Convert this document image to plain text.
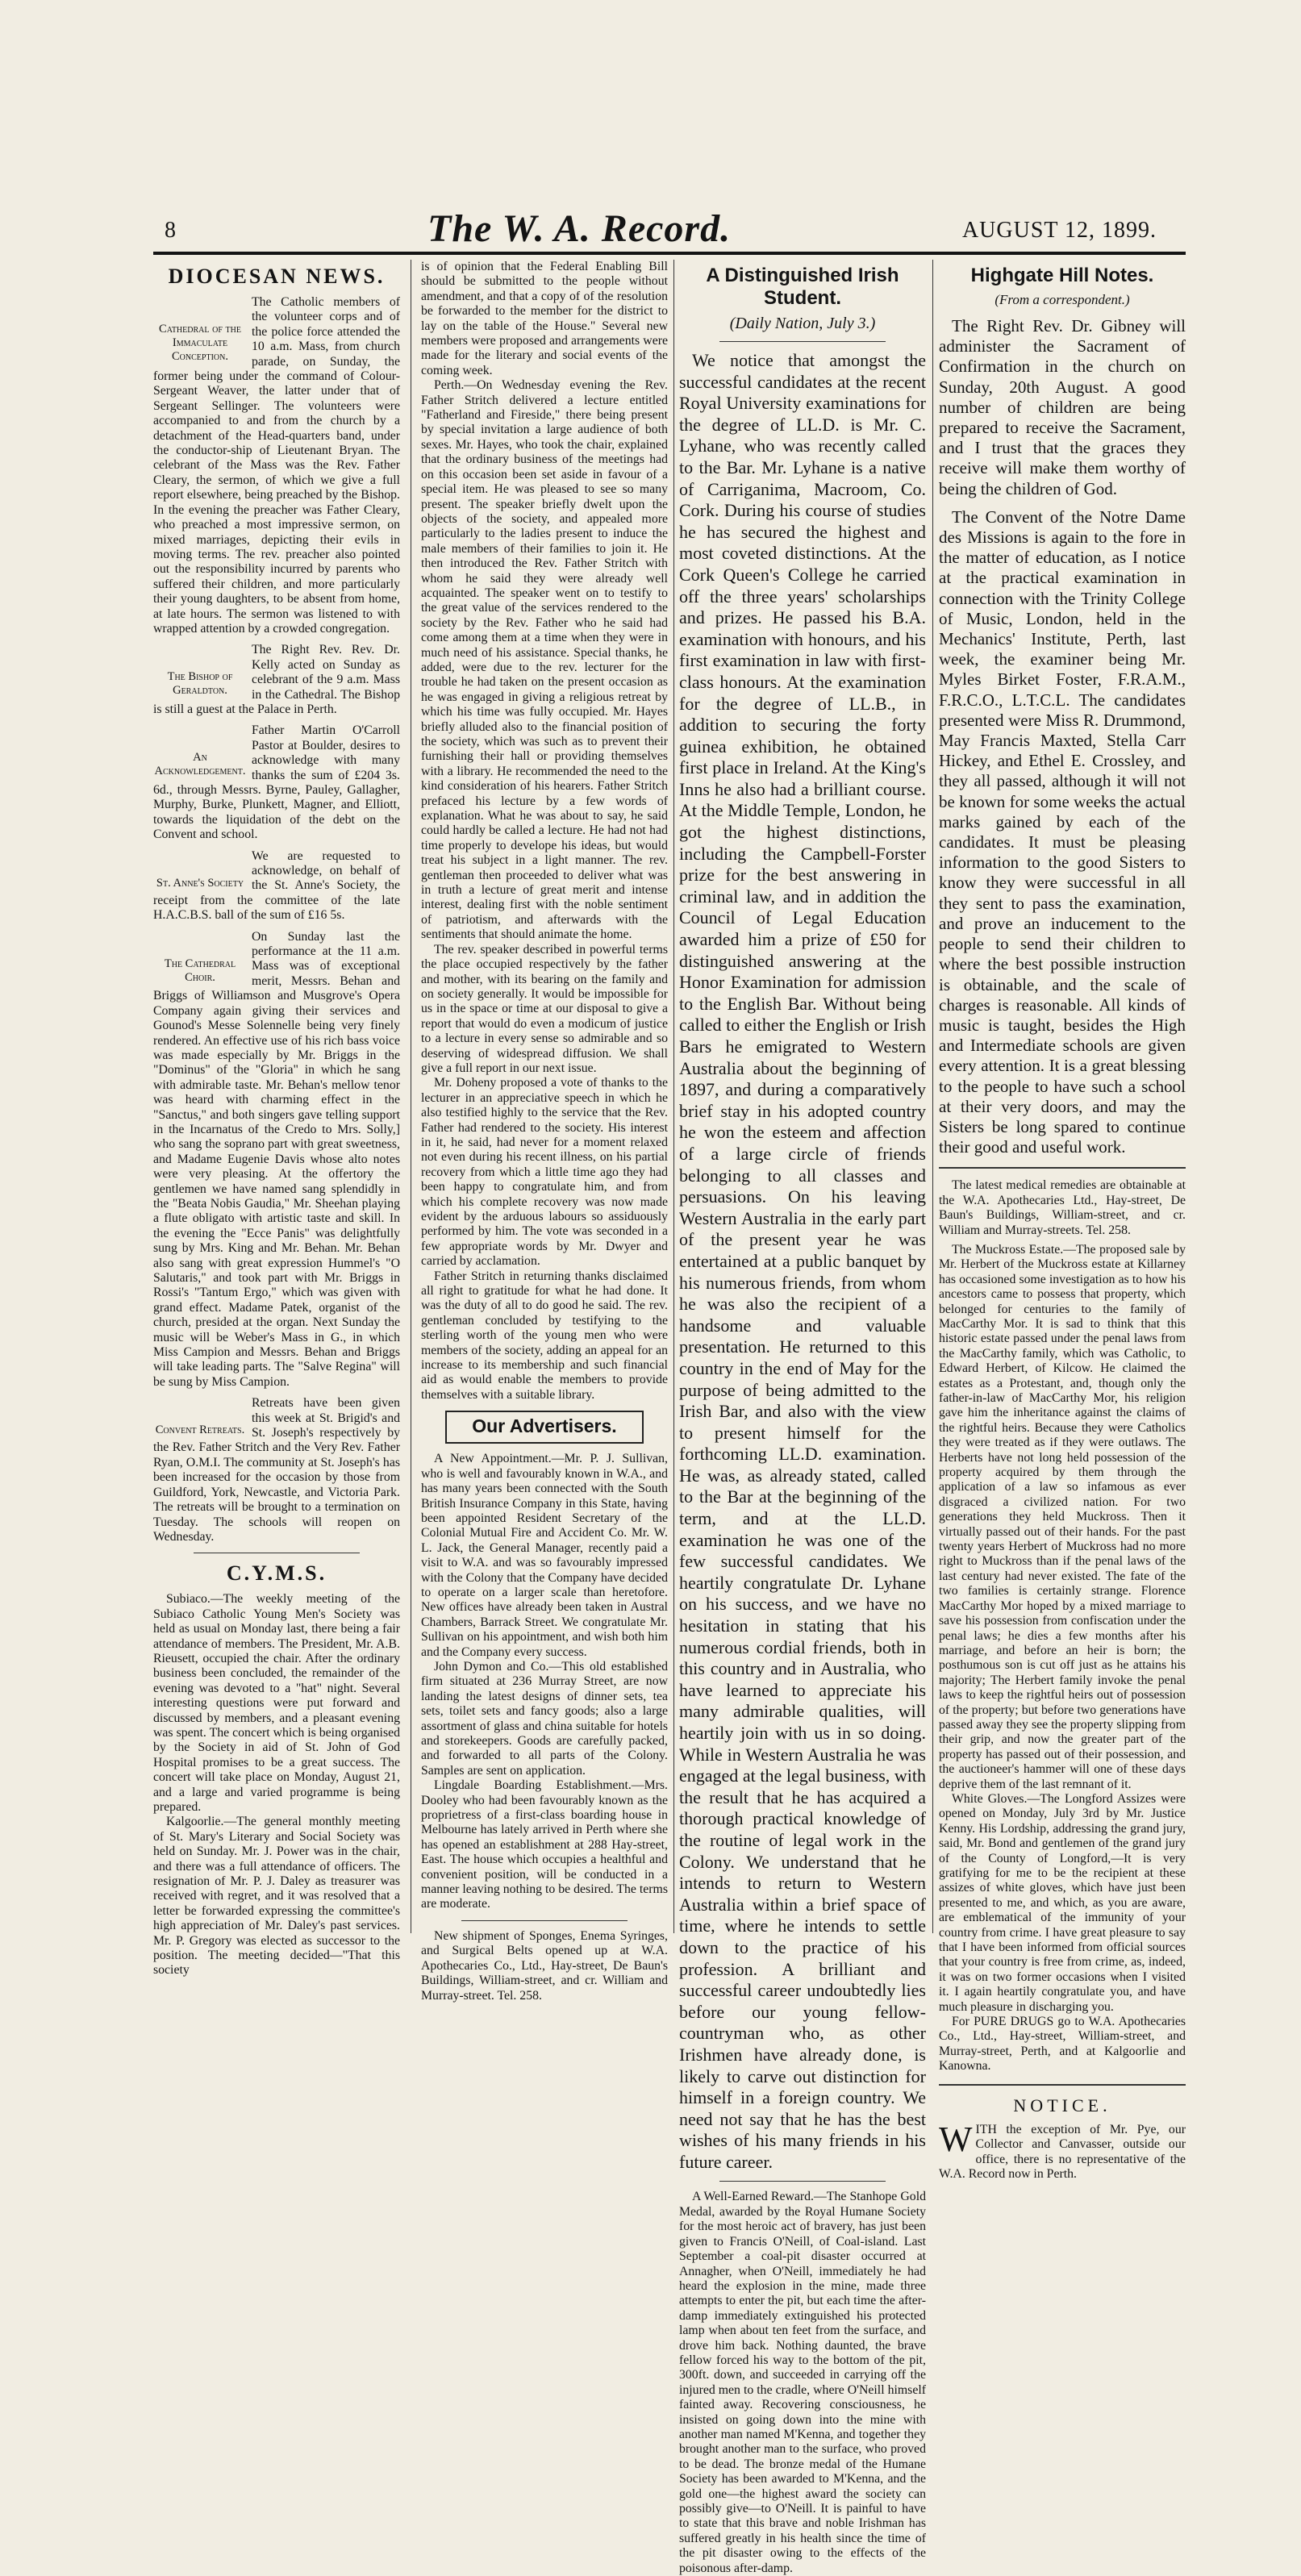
8	The W. A. Record.	AUGUST 12, 1899.
DIOCESAN NEWS.
Cathedral of the Immaculate Conception.

The Catholic members of the volunteer corps and of the police force attended the 10 a.m. Mass, from church parade, on Sunday, the former being under the command of Colour-Sergeant Weaver, the latter under that of Sergeant Sellinger. The volunteers were accompanied to and from the church by a detachment of the Head-quarters band, under the conductor-ship of Lieutenant Bryan. The celebrant of the Mass was the Rev. Father Cleary, the sermon, of which we give a full report elsewhere, being preached by the Bishop. In the evening the preacher was Father Cleary, who preached a most impressive sermon, on mixed marriages, depicting their evils in moving terms. The rev. preacher also pointed out the responsibility incurred by parents who suffered their children, and more particularly their young daughters, to be absent from home, at late hours. The sermon was listened to with wrapped attention by a crowded congregation.

The Bishop of Geraldton.

The Right Rev. Rev. Dr. Kelly acted on Sunday as celebrant of the 9 a.m. Mass in the Cathedral. The Bishop is still a guest at the Palace in Perth.

An Acknowledgement.

Father Martin O'Carroll Pastor at Boulder, desires to acknowledge with many thanks the sum of £204 3s. 6d., through Messrs. Byrne, Pauley, Gallagher, Murphy, Burke, Plunkett, Magner, and Elliott, towards the liquidation of the debt on the Convent and school.

St. Anne's Society

We are requested to acknowledge, on behalf of the St. Anne's Society, the receipt from the committee of the late H.A.C.B.S. ball of the sum of £16 5s.

The Cathedral Choir.

On Sunday last the performance at the 11 a.m. Mass was of exceptional merit, Messrs. Behan and Briggs of Williamson and Musgrove's Opera Company again giving their services and Gounod's Messe Solennelle being very finely rendered. An effective use of his rich bass voice was made especially by Mr. Briggs in the "Dominus" of the "Gloria" in which he sang with admirable taste. Mr. Behan's mellow tenor was heard with charming effect in the "Sanctus," and both singers gave telling support in the Incarnatus of the Credo to Mrs. Solly,] who sang the soprano part with great sweetness, and Madame Eugenie Davis whose alto notes were very pleasing. At the offertory the gentlemen we have named sang splendidly in the "Beata Nobis Gaudia," Mr. Sheehan playing a flute obligato with artistic taste and skill. In the evening the "Ecce Panis" was delightfully sung by Mrs. King and Mr. Behan. Mr. Behan also sang with great expression Hummel's "O Salutaris," and took part with Mr. Briggs in Rossi's "Tantum Ergo," which was given with grand effect. Madame Patek, organist of the church, presided at the organ. Next Sunday the music will be Weber's Mass in G., in which Miss Campion and Messrs. Behan and Briggs will take leading parts. The "Salve Regina" will be sung by Miss Campion.

Convent Retreats.

Retreats have been given this week at St. Brigid's and St. Joseph's respectively by the Rev. Father Stritch and the Very Rev. Father Ryan, O.M.I. The community at St. Joseph's has been increased for the occasion by those from Guildford, York, Newcastle, and Victoria Park. The retreats will be brought to a termination on Tuesday. The schools will reopen on Wednesday.

C.Y.M.S.

Subiaco.—The weekly meeting of the Subiaco Catholic Young Men's Society was held as usual on Monday last, there being a fair attendance of members. The President, Mr. A.B. Rieusett, occupied the chair. After the ordinary business been concluded, the remainder of the evening was devoted to a "hat" night. Several interesting questions were put forward and discussed by members, and a pleasant evening was spent. The concert which is being organised by the Society in aid of St. John of God Hospital promises to be a great success. The concert will take place on Monday, August 21, and a large and varied programme is being prepared.

Kalgoorlie.—The general monthly meeting of St. Mary's Literary and Social Society was held on Sunday. Mr. J. Power was in the chair, and there was a full attendance of officers. The resignation of Mr. P. J. Daley as treasurer was received with regret, and it was resolved that a letter be forwarded expressing the committee's high appreciation of Mr. Daley's past services. Mr. P. Gregory was elected as successor to the position. The meeting decided—"That this society

is of opinion that the Federal Enabling Bill should be submitted to the people without amendment, and that a copy of of the resolution be forwarded to the member for the district to lay on the table of the House." Several new members were proposed and arrangements were made for the literary and social events of the coming week.

Perth.—On Wednesday evening the Rev. Father Stritch delivered a lecture entitled "Fatherland and Fireside," there being present by special invitation a large audience of both sexes. Mr. Hayes, who took the chair, explained that the ordinary business of the meetings had on this occasion been set aside in favour of a special item. He was pleased to see so many present. The speaker briefly dwelt upon the objects of the society, and appealed more particularly to the ladies present to induce the male members of their families to join it. He then introduced the Rev. Father Stritch with whom he said they were already well acquainted. The speaker went on to testify to the great value of the services rendered to the society by the Rev. Father who he said had come among them at a time when they were in much need of his assistance. Special thanks, he added, were due to the rev. lecturer for the trouble he had taken on the present occasion as he was engaged in giving a religious retreat by which his time was fully occupied. Mr. Hayes briefly alluded also to the financial position of the society, which was such as to prevent their furnishing their hall or providing themselves with a library. He recommended the need to the kind consideration of his hearers. Father Stritch prefaced his lecture by a few words of explanation. What he was about to say, he said could hardly be called a lecture. He had not had time properly to develope his ideas, but would treat his subject in a light manner. The rev. gentleman then proceeded to deliver what was in truth a lecture of great merit and intense interest, dealing first with the noble sentiment of patriotism, and afterwards with the sentiments that should animate the home.

The rev. speaker described in powerful terms the place occupied respectively by the father and mother, with its bearing on the family and on society generally. It would be impossible for us in the space or time at our disposal to give a report that would do even a modicum of justice to a lecture in every sense so admirable and so deserving of widespread diffusion. We shall give a full report in our next issue.

Mr. Doheny proposed a vote of thanks to the lecturer in an appreciative speech in which he also testified highly to the service that the Rev. Father had rendered to the society. His interest in it, he said, had never for a moment relaxed not even during his recent illness, on his partial recovery from which a little time ago they had been happy to congratulate him, and from which his complete recovery was now made evident by the arduous labours so assiduously performed by him. The vote was seconded in a few appropriate words by Mr. Dwyer and carried by acclamation.

Father Stritch in returning thanks disclaimed all right to gratitude for what he had done. It was the duty of all to do good he said. The rev. gentleman concluded by testifying to the sterling worth of the young men who were members of the society, adding an appeal for an increase to its membership and such financial aid as would enable the members to provide themselves with a suitable library.

Our Advertisers.

A New Appointment.—Mr. P. J. Sullivan, who is well and favourably known in W.A., and has many years been connected with the South British Insurance Company in this State, having been appointed Resident Secretary of the Colonial Mutual Fire and Accident Co. Mr. W. L. Jack, the General Manager, recently paid a visit to W.A. and was so favourably impressed with the Colony that the Company have decided to operate on a larger scale than heretofore. New offices have already been taken in Austral Chambers, Barrack Street. We congratulate Mr. Sullivan on his appointment, and wish both him and the Company every success.

John Dymon and Co.—This old established firm situated at 236 Murray Street, are now landing the latest designs of dinner sets, tea sets, toilet sets and fancy goods; also a large assortment of glass and china suitable for hotels and storekeepers. Goods are carefully packed, and forwarded to all parts of the Colony. Samples are sent on application.

Lingdale Boarding Establishment.—Mrs. Dooley who had been favourably known as the proprietress of a first-class boarding house in Melbourne has lately arrived in Perth where she has opened an establishment at 288 Hay-street, East. The house which occupies a healthful and convenient position, will be conducted in a manner leaving nothing to be desired. The terms are moderate.

New shipment of Sponges, Enema Syringes, and Surgical Belts opened up at W.A. Apothecaries Co., Ltd., Hay-street, De Baun's Buildings, William-street, and cr. William and Murray-street. Tel. 258.

A Distinguished Irish Student.
(Daily Nation, July 3.)

We notice that amongst the successful candidates at the recent Royal University examinations for the degree of LL.D. is Mr. C. Lyhane, who was recently called to the Bar. Mr. Lyhane is a native of Carriganima, Macroom, Co. Cork. During his course of studies he has secured the highest and most coveted distinctions. At the Cork Queen's College he carried off the three years' scholarships and prizes. He passed his B.A. examination with honours, and his first examination in law with first-class honours. At the examination for the degree of LL.B., in addition to securing the forty guinea exhibition, he obtained first place in Ireland. At the King's Inns he also had a brilliant course. At the Middle Temple, London, he got the highest distinctions, including the Campbell-Forster prize for the best answering in criminal law, and in addition the Council of Legal Education awarded him a prize of £50 for distinguished answering at the Honor Examination for admission to the English Bar. Without being called to either the English or Irish Bars he emigrated to Western Australia about the beginning of 1897, and during a comparatively brief stay in his adopted country he won the esteem and affection of a large circle of friends belonging to all classes and persuasions. On his leaving Western Australia in the early part of the present year he was entertained at a public banquet by his numerous friends, from whom he was also the recipient of a handsome and valuable presentation. He returned to this country in the end of May for the purpose of being admitted to the Irish Bar, and also with the view to present himself for the forthcoming LL.D. examination. He was, as already stated, called to the Bar at the beginning of the term, and at the LL.D. examination he was one of the few successful candidates. We heartily congratulate Dr. Lyhane on his success, and we have no hesitation in stating that his numerous cordial friends, both in this country and in Australia, who have learned to appreciate his many admirable qualities, will heartily join with us in so doing. While in Western Australia he was engaged at the legal business, with the result that he has acquired a thorough practical knowledge of the routine of legal work in the Colony. We understand that he intends to return to Western Australia within a brief space of time, where he intends to settle down to the practice of his profession. A brilliant and successful career undoubtedly lies before our young fellow-countryman who, as other Irishmen have already done, is likely to carve out distinction for himself in a foreign country. We need not say that he has the best wishes of his many friends in his future career.

A Well-Earned Reward.—The Stanhope Gold Medal, awarded by the Royal Humane Society for the most heroic act of bravery, has just been given to Francis O'Neill, of Coal-island. Last September a coal-pit disaster occurred at Annagher, when O'Neill, immediately he had heard the explosion in the mine, made three attempts to enter the pit, but each time the after-damp immediately extinguished his protected lamp when about ten feet from the surface, and drove him back. Nothing daunted, the brave fellow forced his way to the bottom of the pit, 300ft. down, and succeeded in carrying off the injured men to the cradle, where O'Neill himself fainted away. Recovering consciousness, he insisted on going down into the mine with another man named M'Kenna, and together they brought another man to the surface, who proved to be dead. The bronze medal of the Humane Society has been awarded to M'Kenna, and the gold one—the highest award the society can possibly give—to O'Neill. It is painful to have to state that this brave and noble Irishman has suffered greatly in his health since the time of the pit disaster owing to the effects of the poisonous after-damp.

Highgate Hill Notes.
(From a correspondent.)

The Right Rev. Dr. Gibney will administer the Sacrament of Confirmation in the church on Sunday, 20th August. A good number of children are being prepared to receive the Sacrament, and I trust that the graces they receive will make them worthy of being the children of God.

The Convent of the Notre Dame des Missions is again to the fore in the matter of education, as I notice at the practical examination in connection with the Trinity College of Music, London, held in the Mechanics' Institute, Perth, last week, the examiner being Mr. Myles Birket Foster, F.R.A.M., F.R.C.O., L.T.C.L. The candidates presented were Miss R. Drummond, May Francis Maxted, Stella Carr Hickey, and Ethel E. Crossley, and they all passed, although it will not be known for some weeks the actual marks gained by each of the candidates. It must be pleasing information to the good Sisters to know they were successful in all they sent to pass the examination, and prove an inducement to the people to send their children to where the best possible instruction is obtainable, and the scale of charges is reasonable. All kinds of music is taught, besides the High and Intermediate schools are given every attention. It is a great blessing to the people to have such a school at their very doors, and may the Sisters be long spared to continue their good and useful work.

The latest medical remedies are obtainable at the W.A. Apothecaries Ltd., Hay-street, De Baun's Buildings, William-street, and cr. William and Murray-streets. Tel. 258.

The Muckross Estate.—The proposed sale by Mr. Herbert of the Muckross estate at Killarney has occasioned some investigation as to how his ancestors came to possess that property, which belonged for centuries to the family of MacCarthy Mor. It is sad to think that this historic estate passed under the penal laws from the MacCarthy family, which was Catholic, to Edward Herbert, of Kilcow. He claimed the estates as a Protestant, and, though only the father-in-law of MacCarthy Mor, his religion gave him the inheritance against the claims of the rightful heirs. Because they were Catholics they were treated as if they were outlaws. The Herberts have not long held possession of the property acquired by them through the application of a law so infamous as ever disgraced a civilized nation. For two generations they held Muckross. Then it virtually passed out of their hands. For the past twenty years Herbert of Muckross had no more right to Muckross than if the penal laws of the last century had never existed. The fate of the two families is certainly strange. Florence MacCarthy Mor hoped by a mixed marriage to save his possession from confiscation under the penal laws; he dies a few months after his marriage, and before an heir is born; the posthumous son is cut off just as he attains his majority; The Herbert family invoke the penal laws to keep the rightful heirs out of possession of the property; but before two generations have passed away they see the property slipping from their grip, and now the greater part of the property has passed out of their possession, and the auctioneer's hammer will one of these days deprive them of the last remnant of it.

White Gloves.—The Longford Assizes were opened on Monday, July 3rd by Mr. Justice Kenny. His Lordship, addressing the grand jury, said, Mr. Bond and gentlemen of the grand jury of the County of Longford,—It is very gratifying for me to be the recipient at these assizes of white gloves, which have just been presented to me, and which, as you are aware, are emblematical of the immunity of your country from crime. I have great pleasure to say that I have been informed from official sources that your country is free from crime, as, indeed, it was on two former occasions when I visited it. I again heartily congratulate you, and have much pleasure in discharging you.

For PURE DRUGS go to W.A. Apothecaries Co., Ltd., Hay-street, William-street, and Murray-street, Perth, and at Kalgoorlie and Kanowna.

NOTICE.
W ITH the exception of Mr. Pye, our Collector and Canvasser, outside our office, there is no representative of the W.A. Record now in Perth.
